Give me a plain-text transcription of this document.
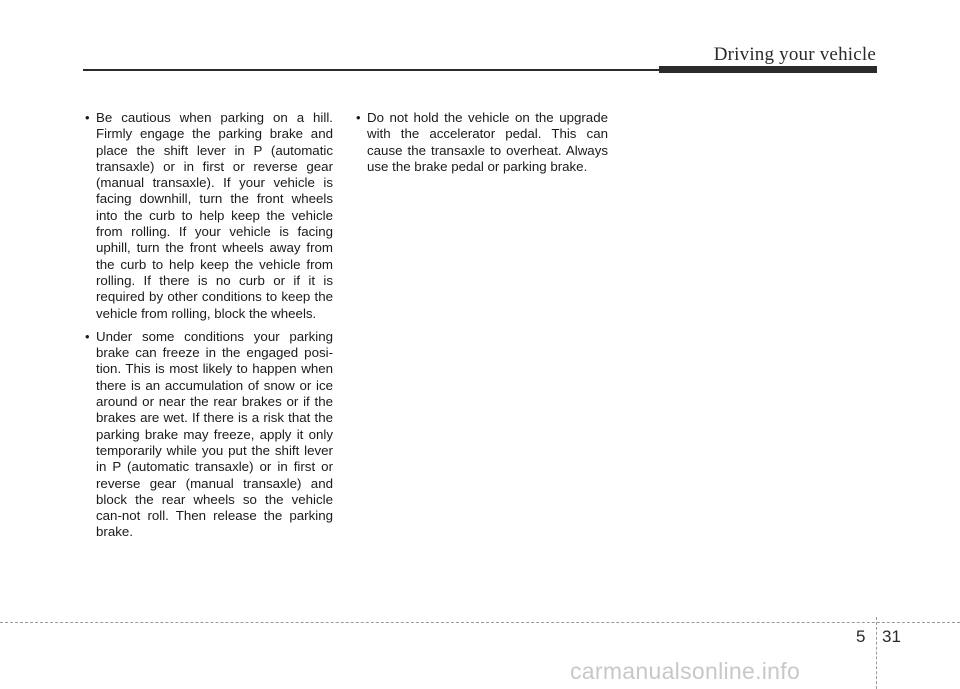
Driving your vehicle
• Be cautious when parking on a hill. Firmly engage the parking brake and place the shift lever in P (automatic transaxle) or in first or reverse gear (manual transaxle). If your vehicle is facing downhill, turn the front wheels into the curb to help keep the vehicle from rolling. If your vehicle is facing uphill, turn the front wheels away from the curb to help keep the vehicle from rolling. If there is no curb or if it is required by other conditions to keep the vehicle from rolling, block the wheels.
• Under some conditions your parking brake can freeze in the engaged posi-tion. This is most likely to happen when there is an accumulation of snow or ice around or near the rear brakes or if the brakes are wet. If there is a risk that the parking brake may freeze, apply it only temporarily while you put the shift lever in P (automatic transaxle) or in first or reverse gear (manual transaxle) and block the rear wheels so the vehicle can-not roll. Then release the parking brake.
• Do not hold the vehicle on the upgrade with the accelerator pedal. This can cause the transaxle to overheat. Always use the brake pedal or parking brake.
5 31
carmanualsonline.info
